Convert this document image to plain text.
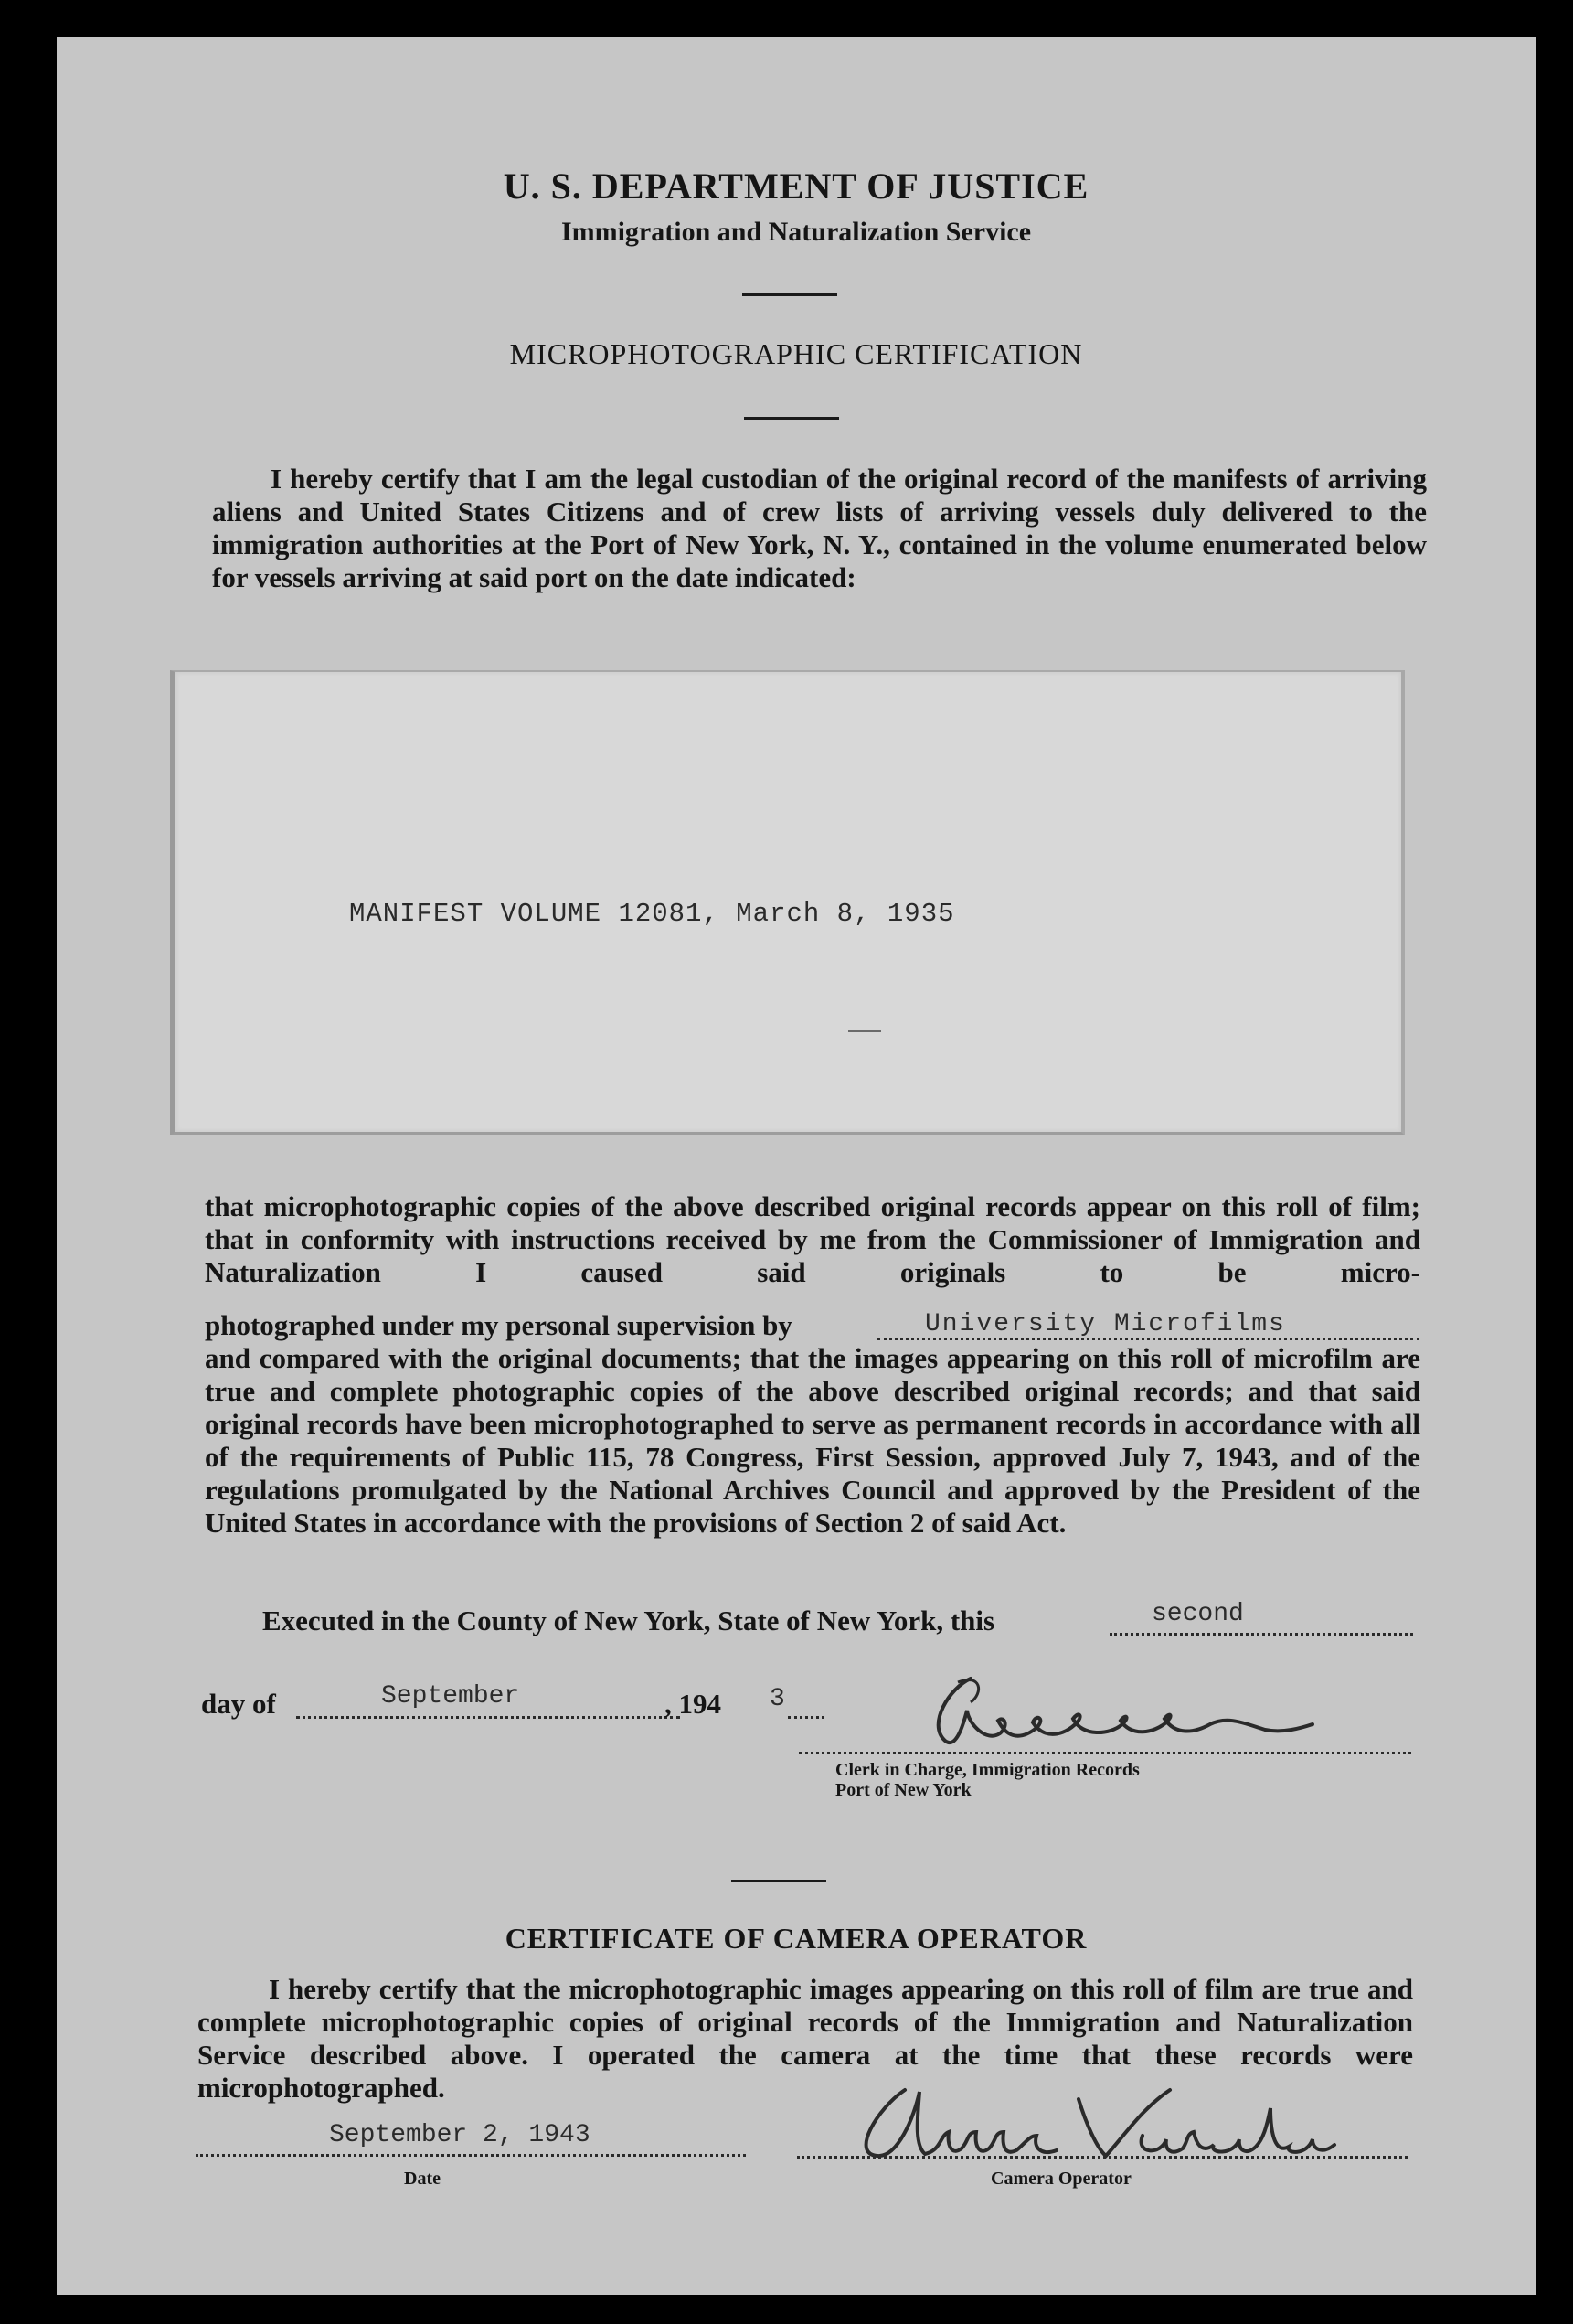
U. S. DEPARTMENT OF JUSTICE
Immigration and Naturalization Service
MICROPHOTOGRAPHIC CERTIFICATION

I hereby certify that I am the legal custodian of the original record of the manifests of arriving aliens and United States Citizens and of crew lists of arriving vessels duly delivered to the immigration authorities at the Port of New York, N. Y., contained in the volume enumerated below for vessels arriving at said port on the date indicated:

MANIFEST VOLUME 12081, March 8, 1935

that microphotographic copies of the above described original records appear on this roll of film; that in conformity with instructions received by me from the Commissioner of Immigration and Naturalization I caused said originals to be micro-

photographed under my personal supervision by	University Microfilms

and compared with the original documents; that the images appearing on this roll of microfilm are true and complete photographic copies of the above described original records; and that said original records have been microphotographed to serve as permanent records in accordance with all of the requirements of Public 115, 78 Congress, First Session, approved July 7, 1943, and of the regulations promulgated by the National Archives Council and approved by the President of the United States in accordance with the provisions of Section 2 of said Act.

Executed in the County of New York, State of New York, this	second
day of	September	, 194 3
Clerk in Charge, Immigration Records
Port of New York
CERTIFICATE OF CAMERA OPERATOR

I hereby certify that the microphotographic images appearing on this roll of film are true and complete microphotographic copies of original records of the Immigration and Naturalization Service described above. I operated the camera at the time that these records were microphotographed.

September 2, 1943
Date	Camera Operator
